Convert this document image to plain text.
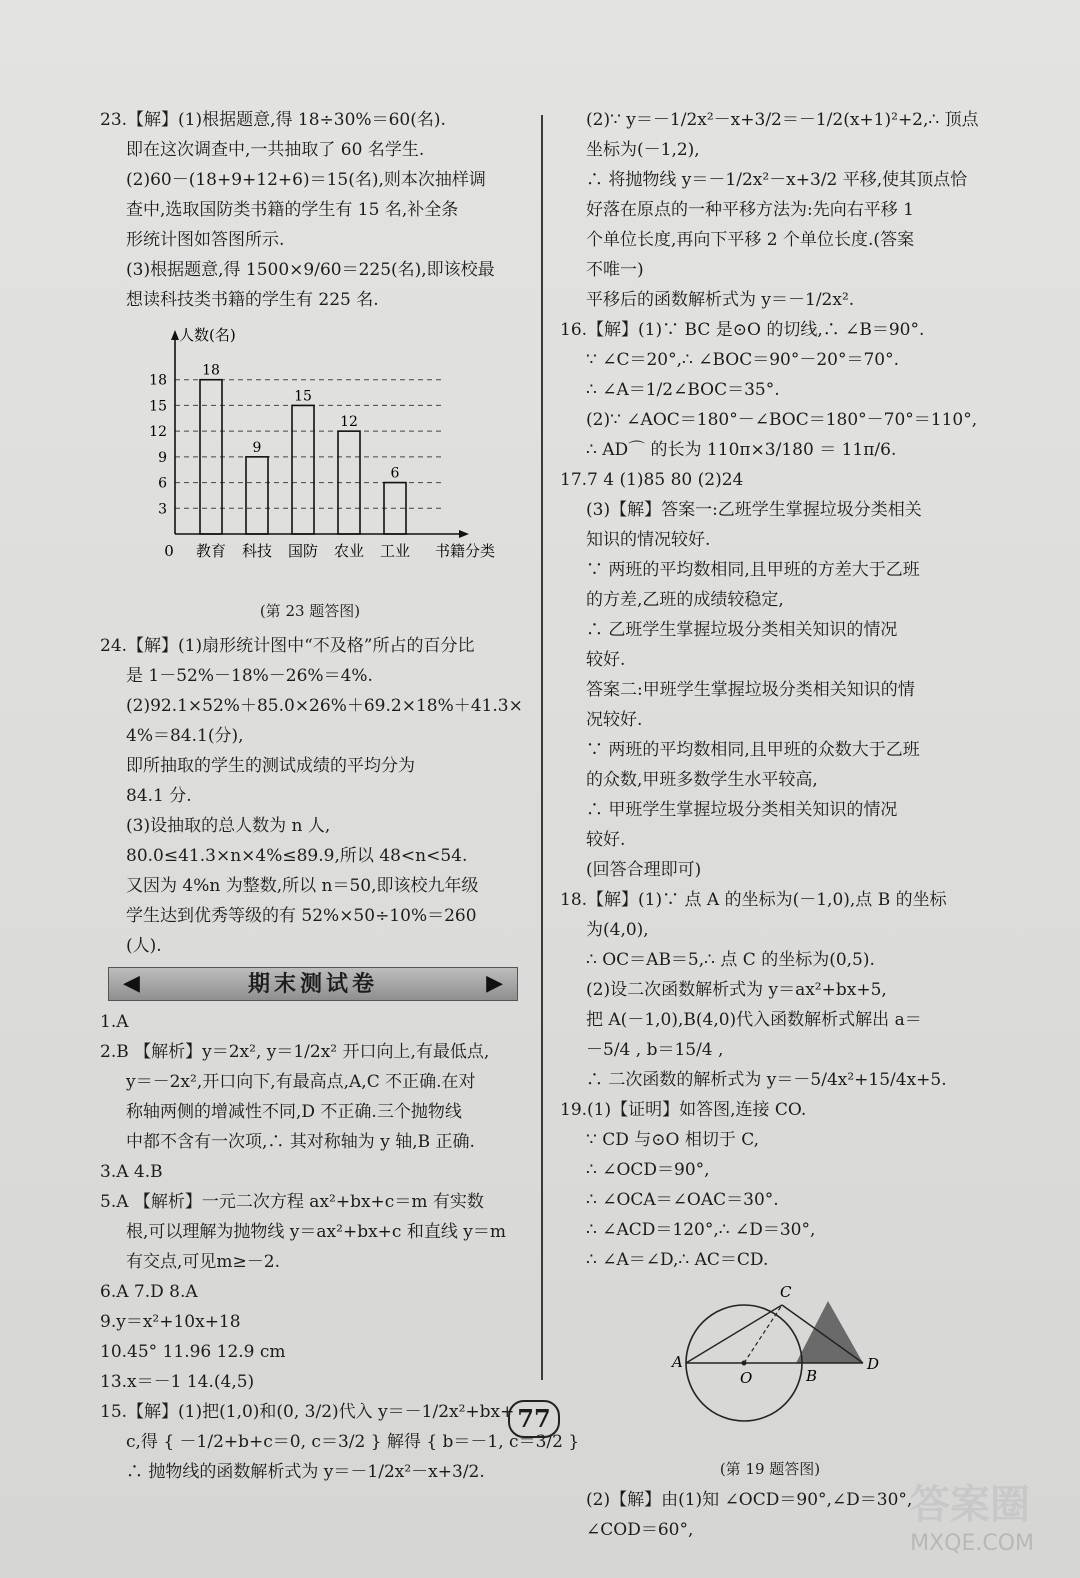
23.【解】(1)根据题意,得 18÷30%＝60(名).
即在这次调查中,一共抽取了 60 名学生.
(2)60－(18+9+12+6)＝15(名),则本次抽样调
查中,选取国防类书籍的学生有 15 名,补全条
形统计图如答图所示.
(3)根据题意,得 1500×9/60＝225(名),即该校最
想读科技类书籍的学生有 225 名.
3
6
9
12
15
18
人数(名)
书籍分类
0
18
教育
9
科技
15
国防
12
农业
6
工业
(第 23 题答图)
24.【解】(1)扇形统计图中“不及格”所占的百分比
是 1－52%－18%－26%＝4%.
(2)92.1×52%＋85.0×26%＋69.2×18%＋41.3×
4%＝84.1(分),
即所抽取的学生的测试成绩的平均分为
84.1 分.
(3)设抽取的总人数为 n 人,
80.0≤41.3×n×4%≤89.9,所以 48<n<54.
又因为 4%n 为整数,所以 n＝50,即该校九年级
学生达到优秀等级的有 52%×50÷10%＝260
(人).
◀	期末测试卷	▶
1.A
2.B 【解析】y＝2x², y＝1/2x² 开口向上,有最低点,
y＝－2x²,开口向下,有最高点,A,C 不正确.在对
称轴两侧的增减性不同,D 不正确.三个抛物线
中都不含有一次项,∴ 其对称轴为 y 轴,B 正确.
3.A 4.B
5.A 【解析】一元二次方程 ax²+bx+c＝m 有实数
根,可以理解为抛物线 y＝ax²+bx+c 和直线 y＝m
有交点,可见m≥－2.
6.A 7.D 8.A
9.y＝x²+10x+18
10.45° 11.96 12.9 cm
13.x＝－1 14.(4,5)
15.【解】(1)把(1,0)和(0, 3/2)代入 y＝－1/2x²+bx+
c,得 { －1/2+b+c＝0, c＝3/2 } 解得 { b＝－1, c＝3/2 }
∴ 抛物线的函数解析式为 y＝－1/2x²－x+3/2.
(2)∵ y＝－1/2x²－x+3/2＝－1/2(x+1)²+2,∴ 顶点
坐标为(－1,2),
∴ 将抛物线 y＝－1/2x²－x+3/2 平移,使其顶点恰
好落在原点的一种平移方法为:先向右平移 1
个单位长度,再向下平移 2 个单位长度.(答案
不唯一)
平移后的函数解析式为 y＝－1/2x².
16.【解】(1)∵ BC 是⊙O 的切线,∴ ∠B＝90°.
∵ ∠C＝20°,∴ ∠BOC＝90°－20°＝70°.
∴ ∠A＝1/2∠BOC＝35°.
(2)∵ ∠AOC＝180°－∠BOC＝180°－70°＝110°,
∴ AD⌒ 的长为 110π×3/180 ＝ 11π/6.
17.7 4 (1)85 80 (2)24
(3)【解】答案一:乙班学生掌握垃圾分类相关
知识的情况较好.
∵ 两班的平均数相同,且甲班的方差大于乙班
的方差,乙班的成绩较稳定,
∴ 乙班学生掌握垃圾分类相关知识的情况
较好.
答案二:甲班学生掌握垃圾分类相关知识的情
况较好.
∵ 两班的平均数相同,且甲班的众数大于乙班
的众数,甲班多数学生水平较高,
∴ 甲班学生掌握垃圾分类相关知识的情况
较好.
(回答合理即可)
18.【解】(1)∵ 点 A 的坐标为(－1,0),点 B 的坐标
为(4,0),
∴ OC＝AB＝5,∴ 点 C 的坐标为(0,5).
(2)设二次函数解析式为 y＝ax²+bx+5,
把 A(－1,0),B(4,0)代入函数解析式解出 a＝
－5/4 , b＝15/4 ,
∴ 二次函数的解析式为 y＝－5/4x²+15/4x+5.
19.(1)【证明】如答图,连接 CO.
∵ CD 与⊙O 相切于 C,
∴ ∠OCD＝90°,
∴ ∠OCA＝∠OAC＝30°.
∴ ∠ACD＝120°,∴ ∠D＝30°,
∴ ∠A＝∠D,∴ AC＝CD.
A
O	B
C
D
(第 19 题答图)
(2)【解】由(1)知 ∠OCD＝90°,∠D＝30°,
∠COD＝60°,
77
答案圈
MXQE.COM
